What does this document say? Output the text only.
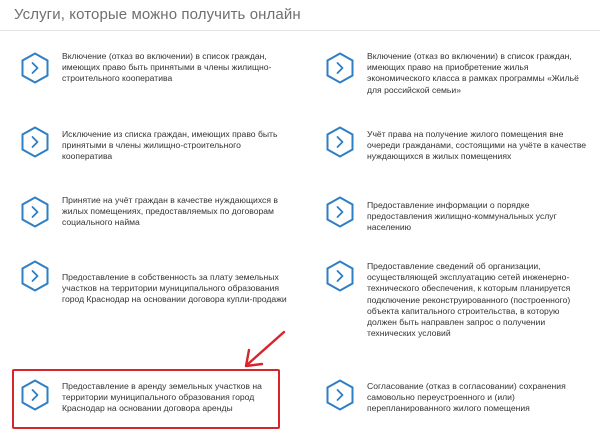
Услуги, которые можно получить онлайн
Включение (отказ во включении) в список граждан, имеющих право быть принятыми в члены жилищно-строительного кооператива
Исключение из списка граждан, имеющих право быть принятыми в члены жилищно-строительного кооператива
Принятие на учёт граждан в качестве нуждающихся в жилых помещениях, предоставляемых по договорам социального найма
Предоставление в собственность за плату земельных участков на территории муниципального образования город Краснодар на основании договора купли-продажи
Предоставление в аренду земельных участков на территории муниципального образования город Краснодар на основании договора аренды
Включение (отказ во включении) в список граждан, имеющих право на приобретение жилья экономического класса в рамках программы «Жильё для российской семьи»
Учёт права на получение жилого помещения вне очереди гражданами, состоящими на учёте в качестве нуждающихся в жилых помещениях
Предоставление информации о порядке предоставления жилищно-коммунальных услуг населению
Предоставление сведений об организации, осуществляющей эксплуатацию сетей инженерно-технического обеспечения, к которым планируется подключение реконструированного (построенного) объекта капитального строительства, в которую должен быть направлен запрос о получении технических условий
Согласование (отказ в согласовании) сохранения самовольно переустроенного и (или) перепланированного жилого помещения
